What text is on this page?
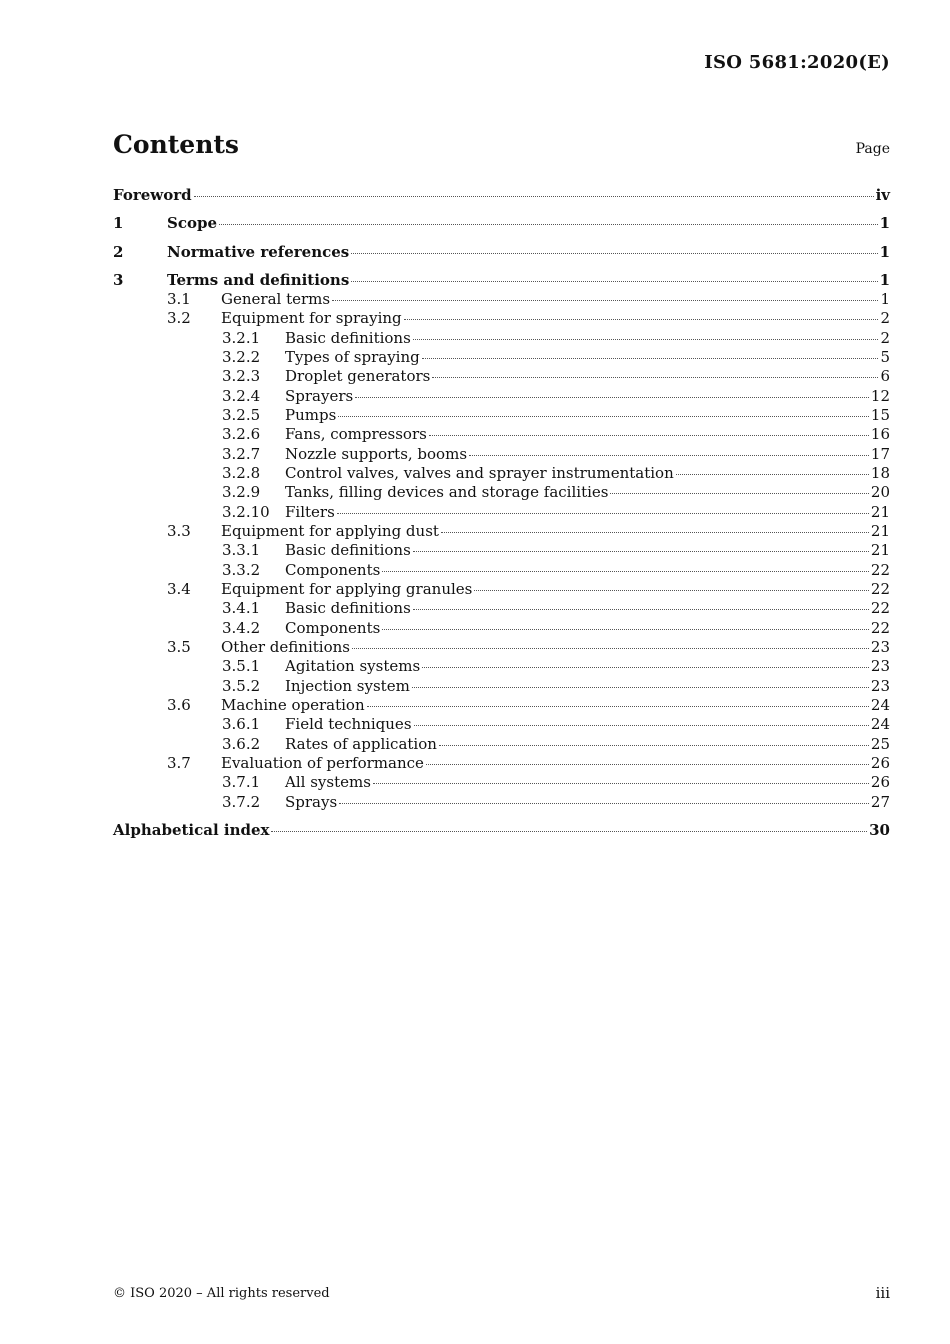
ISO 5681:2020(E)
Contents	Page
Foreword	iv
1	Scope	1
2	Normative references	1
3	Terms and definitions	1
3.1	General terms	1
3.2	Equipment for spraying	2
3.2.1	Basic definitions	2
3.2.2	Types of spraying	5
3.2.3	Droplet generators	6
3.2.4	Sprayers	12
3.2.5	Pumps	15
3.2.6	Fans, compressors	16
3.2.7	Nozzle supports, booms	17
3.2.8	Control valves, valves and sprayer instrumentation	18
3.2.9	Tanks, filling devices and storage facilities	20
3.2.10	Filters	21
3.3	Equipment for applying dust	21
3.3.1	Basic definitions	21
3.3.2	Components	22
3.4	Equipment for applying granules	22
3.4.1	Basic definitions	22
3.4.2	Components	22
3.5	Other definitions	23
3.5.1	Agitation systems	23
3.5.2	Injection system	23
3.6	Machine operation	24
3.6.1	Field techniques	24
3.6.2	Rates of application	25
3.7	Evaluation of performance	26
3.7.1	All systems	26
3.7.2	Sprays	27
Alphabetical index	30
© ISO 2020 – All rights reserved	iii
